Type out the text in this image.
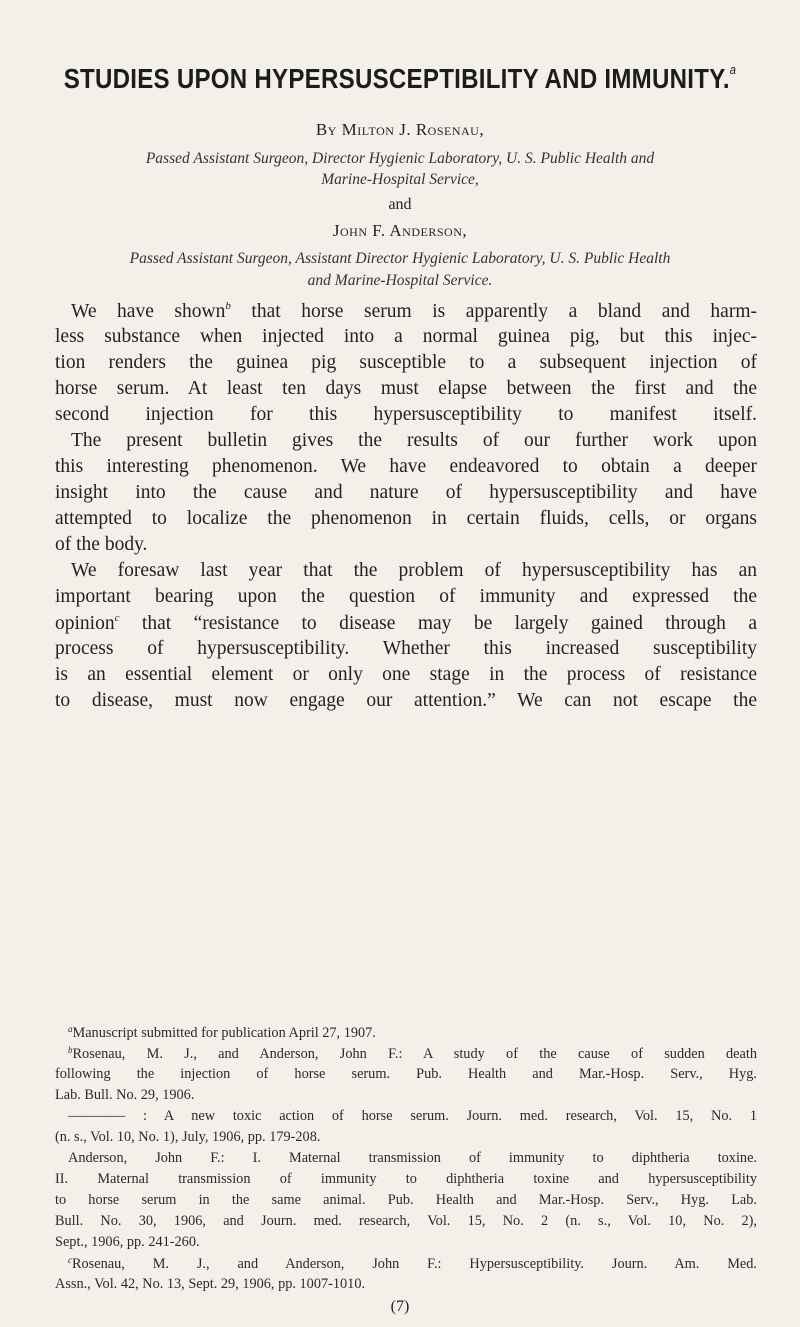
STUDIES UPON HYPERSUSCEPTIBILITY AND IMMUNITY.$^a$
By Milton J. Rosenau,
Passed Assistant Surgeon, Director Hygienic Laboratory, U. S. Public Health and
Marine-Hospital Service,
and
John F. Anderson,
Passed Assistant Surgeon, Assistant Director Hygienic Laboratory, U. S. Public Health
and Marine-Hospital Service.
We have shown$^b$ that horse serum is apparently a bland and harm-
less substance when injected into a normal guinea pig, but this injec-
tion renders the guinea pig susceptible to a subsequent injection of
horse serum. At least ten days must elapse between the first and the
second injection for this hypersusceptibility to manifest itself.
The present bulletin gives the results of our further work upon
this interesting phenomenon. We have endeavored to obtain a deeper
insight into the cause and nature of hypersusceptibility and have
attempted to localize the phenomenon in certain fluids, cells, or organs
of the body.
We foresaw last year that the problem of hypersusceptibility has an
important bearing upon the question of immunity and expressed the
opinion$^c$ that “resistance to disease may be largely gained through a
process of hypersusceptibility. Whether this increased susceptibility
is an essential element or only one stage in the process of resistance
to disease, must now engage our attention.” We can not escape the
$^a$Manuscript submitted for publication April 27, 1907.
$^b$Rosenau, M. J., and Anderson, John F.: A study of the cause of sudden death
following the injection of horse serum. Pub. Health and Mar.-Hosp. Serv., Hyg.
Lab. Bull. No. 29, 1906.
———— : A new toxic action of horse serum. Journ. med. research, Vol. 15, No. 1
(n. s., Vol. 10, No. 1), July, 1906, pp. 179-208.
Anderson, John F.: I. Maternal transmission of immunity to diphtheria toxine.
II. Maternal transmission of immunity to diphtheria toxine and hypersusceptibility
to horse serum in the same animal. Pub. Health and Mar.-Hosp. Serv., Hyg. Lab.
Bull. No. 30, 1906, and Journ. med. research, Vol. 15, No. 2 (n. s., Vol. 10, No. 2),
Sept., 1906, pp. 241-260.
$^c$Rosenau, M. J., and Anderson, John F.: Hypersusceptibility. Journ. Am. Med.
Assn., Vol. 42, No. 13, Sept. 29, 1906, pp. 1007-1010.
(7)
